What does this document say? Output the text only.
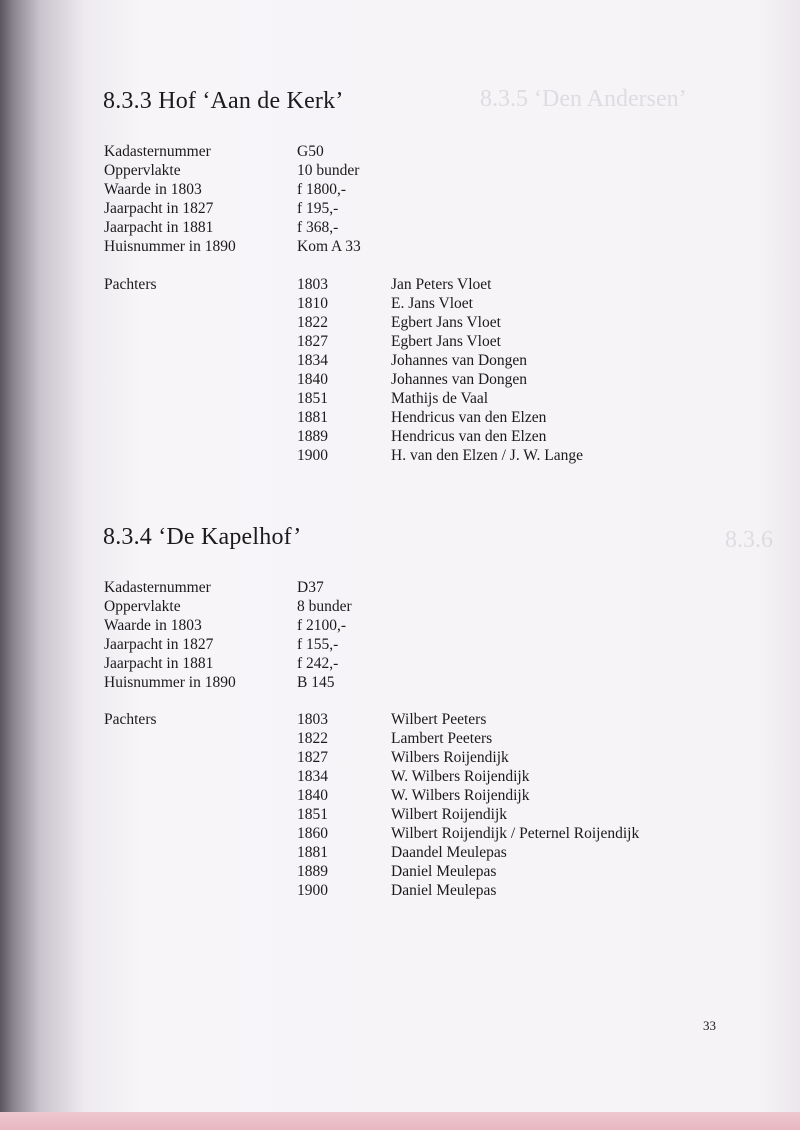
8.3.5 ‘Den Andersen’
8.3.6
8.3.3 Hof ‘Aan de Kerk’
Kadasternummer	G50
Oppervlakte	10 bunder
Waarde in 1803	f 1800,-
Jaarpacht in 1827	f 195,-
Jaarpacht in 1881	f 368,-
Huisnummer in 1890	Kom A 33
Pachters	1803	Jan Peters Vloet
1810	E. Jans Vloet
1822	Egbert Jans Vloet
1827	Egbert Jans Vloet
1834	Johannes van Dongen
1840	Johannes van Dongen
1851	Mathijs de Vaal
1881	Hendricus van den Elzen
1889	Hendricus van den Elzen
1900	H. van den Elzen / J. W. Lange
8.3.4 ‘De Kapelhof’
Kadasternummer	D37
Oppervlakte	8 bunder
Waarde in 1803	f 2100,-
Jaarpacht in 1827	f 155,-
Jaarpacht in 1881	f 242,-
Huisnummer in 1890	B 145
Pachters	1803	Wilbert Peeters
1822	Lambert Peeters
1827	Wilbers Roijendijk
1834	W. Wilbers Roijendijk
1840	W. Wilbers Roijendijk
1851	Wilbert Roijendijk
1860	Wilbert Roijendijk / Peternel Roijendijk
1881	Daandel Meulepas
1889	Daniel Meulepas
1900	Daniel Meulepas
33
